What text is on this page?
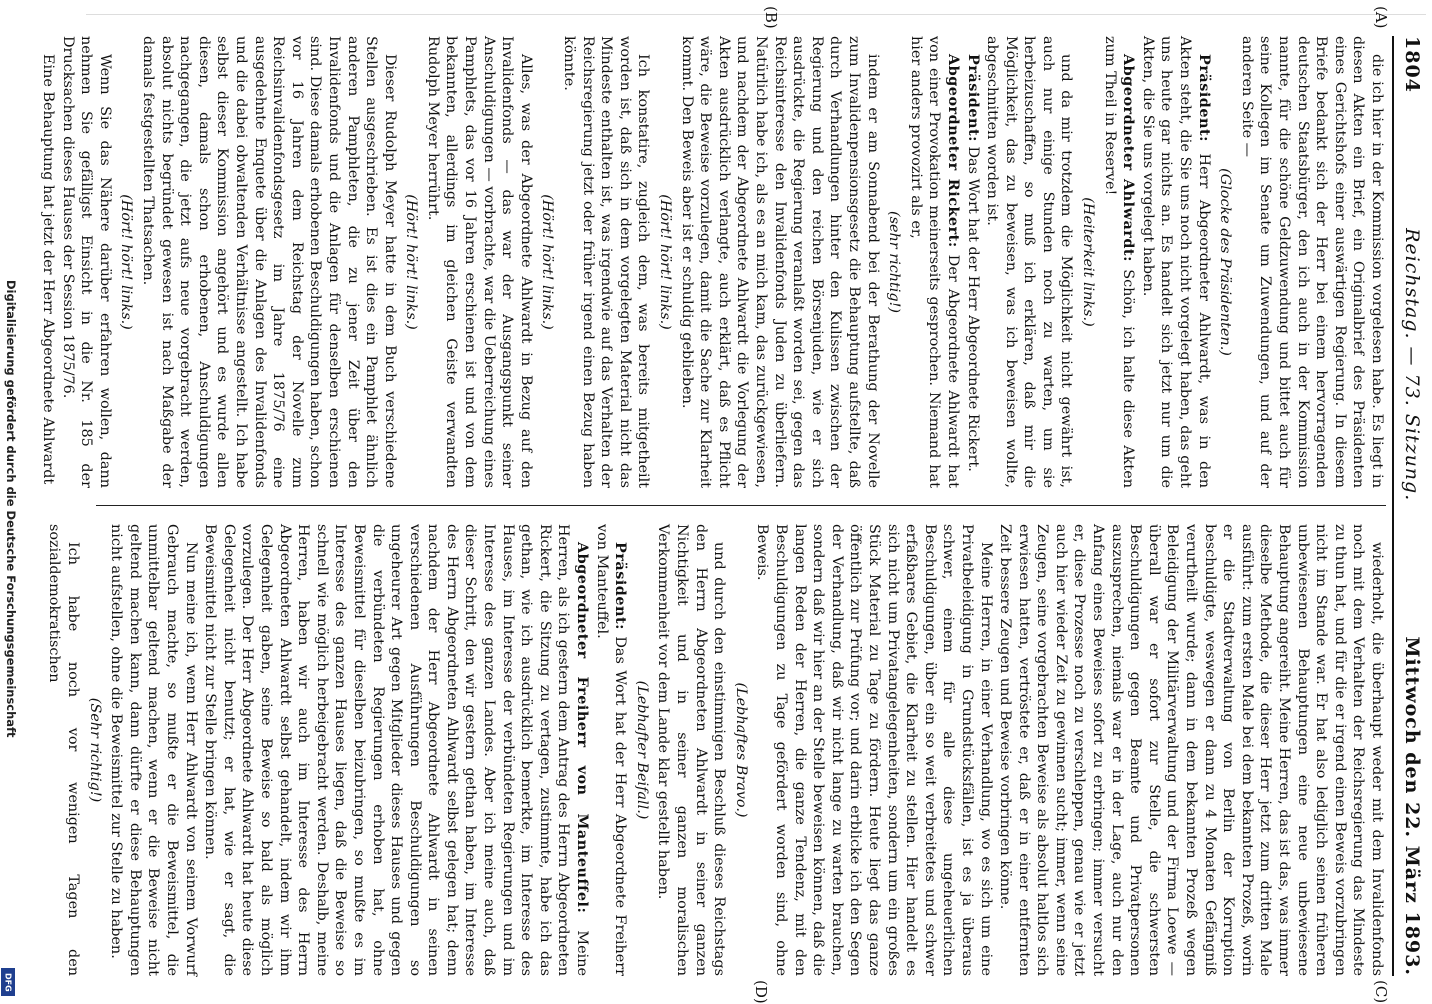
1804
Reichstag. — 73. Sitzung.
Mittwoch den 22. März 1893.

die ich hier in der Kommission vorgelesen habe. Es liegt in diesen Akten ein Brief, ein Originalbrief des Präsidenten eines Gerichtshofs einer auswärtigen Regierung. In diesem Briefe bedankt sich der Herr bei einem hervorragenden deutschen Staatsbürger, den ich auch in der Kommission nannte, für die schöne Geldzuwendung und bittet auch für seine Kollegen im Senate um Zuwendungen, und auf der anderen Seite —

(Glocke des Präsidenten.)

Präsident: Herr Abgeordneter Ahlwardt, was in den Akten steht, die Sie uns noch nicht vorgelegt haben, das geht uns heute gar nichts an. Es handelt sich jetzt nur um die Akten, die Sie uns vorgelegt haben.

Abgeordneter Ahlwardt: Schön, ich halte diese Akten zum Theil in Reserve!

(Heiterkeit links.)

und da mir trotzdem die Möglichkeit nicht gewährt ist, auch nur einige Stunden noch zu warten, um sie herbeizuschaffen, so muß ich erklären, daß mir die Möglichkeit, das zu beweisen, was ich beweisen wollte, abgeschnitten worden ist.

Präsident: Das Wort hat der Herr Abgeordnete Rickert.

Abgeordneter Rickert: Der Abgeordnete Ahlwardt hat von einer Provokation meinerseits gesprochen. Niemand hat hier anders provozirt als er,

(sehr richtig!)

indem er am Sonnabend bei der Berathung der Novelle zum Invalidenpensionsgesetz die Behauptung aufstellte, daß durch Verhandlungen hinter den Kulissen zwischen der Regierung und den reichen Börsenjuden, wie er sich ausdrückte, die Regierung veranlaßt worden sei, gegen das Reichsinteresse den Invalidenfonds Juden zu überliefern. Natürlich habe ich, als es an mich kam, das zurückgewiesen, und nachdem der Abgeordnete Ahlwardt die Vorlegung der Akten ausdrücklich verlangte, auch erklärt, daß es Pflicht wäre, die Beweise vorzulegen, damit die Sache zur Klarheit kommt. Den Beweis aber ist er schuldig geblieben.

(Hört! hört! links.)

Ich konstatire, zugleich dem, was bereits mitgetheilt worden ist, daß sich in dem vorgelegten Material nicht das Mindeste enthalten ist, was irgendwie auf das Verhalten der Reichsregierung jetzt oder früher irgend einen Bezug haben könnte.

(Hört! hört! links.)

Alles, was der Abgeordnete Ahlwardt in Bezug auf den Invalidenfonds — das war der Ausgangspunkt seiner Anschuldigungen — vorbrachte, war die Ueberreichung eines Pamphlets, das vor 16 Jahren erschienen ist und von dem bekannten, allerdings im gleichen Geiste verwandten Rudolph Meyer herrührt.

(Hört! hört! links.)

Dieser Rudolph Meyer hatte in dem Buch verschiedene Stellen ausgeschrieben. Es ist dies ein Pamphlet ähnlich anderen Pamphleten, die zu jener Zeit über den Invalidenfonds und die Anlagen für denselben erschienen sind. Diese damals erhobenen Beschuldigungen haben, schon vor 16 Jahren dem Reichstag der Novelle zum Reichsinvalidenfondsgesetz im Jahre 1875/76 eine ausgedehnte Enquete über die Anlagen des Invalidenfonds und die dabei obwaltenden Verhältnisse angestellt. Ich habe selbst dieser Kommission angehört und es wurde allen diesen, damals schon erhobenen, Anschuldigungen nachgegangen, die jetzt aufs neue vorgebracht werden, absolut nichts begründet gewesen ist nach Maßgabe der damals festgestellten Thatsachen.

(Hört! hört! links.)

Wenn Sie das Nähere darüber erfahren wollen, dann nehmen Sie gefälligst Einsicht in die Nr. 185 der Drucksachen dieses Hauses der Session 1875/76.

Eine Behauptung hat jetzt der Herr Abgeordnete Ahlwardt

wiederholt, die überhaupt weder mit dem Invalidenfonds noch mit dem Verhalten der Reichsregierung das Mindeste zu thun hat, und für die er irgend einen Beweis vorzubringen nicht im Stande war. Er hat also lediglich seinen früheren unbewiesenen Behauptungen eine neue unbewiesene Behauptung angereiht. Meine Herren, das ist das, was immer dieselbe Methode, die dieser Herr jetzt zum dritten Male ausführt: zum ersten Male bei dem bekannten Prozeß, worin er die Stadtverwaltung von Berlin der Korruption beschuldigte, weswegen er dann zu 4 Monaten Gefängniß verurtheilt wurde; dann in dem bekannten Prozeß wegen Beleidigung der Militärverwaltung und der Firma Loewe — überall war er sofort zur Stelle, die schwersten Beschuldigungen gegen Beamte und Privatpersonen auszusprechen, niemals war er in der Lage, auch nur den Anfang eines Beweises sofort zu erbringen; immer versucht er, diese Prozesse noch zu verschleppen, genau wie er jetzt auch hier wieder Zeit zu gewinnen sucht; immer, wenn seine Zeugen, seine vorgebrachten Beweise als absolut haltlos sich erwiesen hatten, vertröstete er, daß er in einer entfernten Zeit bessere Zeugen und Beweise vorbringen könne.

Meine Herren, in einer Verhandlung, wo es sich um eine Privatbeleidigung in Grundstücksfällen, ist es ja überaus schwer, einem für alle diese ungeheuerlichen Beschuldigungen, über ein so weit verbreitetes und schwer erfaßbares Gebiet, die Klarheit zu stellen. Hier handelt es sich nicht um Privatangelegenheiten, sondern um ein großes Stück Material zu Tage zu fördern. Heute liegt das ganze öffentlich zur Prüfung vor; und darin erblicke ich den Segen der Verhandlung, daß wir nicht lange zu warten brauchen, sondern daß wir hier an der Stelle beweisen können, daß die langen Reden der Herren, die ganze Tendenz, mit den Beschuldigungen zu Tage gefördert worden sind, ohne Beweis.

(Lebhaftes Bravo.)

und durch den einstimmigen Beschluß dieses Reichstags den Herrn Abgeordneten Ahlwardt in seiner ganzen Nichtigkeit und in seiner ganzen moralischen Verkommenheit vor dem Lande klar gestellt haben.

(Lebhafter Beifall.)

Präsident: Das Wort hat der Herr Abgeordnete Freiherr von Manteuffel.

Abgeordneter Freiherr von Manteuffel: Meine Herren, als ich gestern dem Antrag des Herrn Abgeordneten Rickert, die Sitzung zu vertagen, zustimmte, habe ich das gethan, wie ich ausdrücklich bemerkte, im Interesse des Hauses, im Interesse der verbündeten Regierungen und im Interesse des ganzen Landes. Aber ich meine auch, daß dieser Schritt, den wir gestern gethan haben, im Interesse des Herrn Abgeordneten Ahlwardt selbst gelegen hat; denn nachdem der Herr Abgeordnete Ahlwardt in seinen verschiedenen Ausführungen Beschuldigungen so ungeheurer Art gegen Mitglieder dieses Hauses und gegen die verbündeten Regierungen erhoben hat, ohne Beweismittel für dieselben beizubringen, so mußte es im Interesse des ganzen Hauses liegen, daß die Beweise so schnell wie möglich herbeigebracht werden. Deshalb, meine Herren, haben wir auch im Interesse des Herrn Abgeordneten Ahlwardt selbst gehandelt, indem wir ihm Gelegenheit gaben, seine Beweise so bald als möglich vorzulegen. Der Herr Abgeordnete Ahlwardt hat heute diese Gelegenheit nicht benutzt; er hat, wie er sagt, die Beweismittel nicht zur Stelle bringen können.

Nun meine ich, wenn Herr Ahlwardt von seinem Vorwurf Gebrauch machte, so mußte er die Beweismittel, die unmittelbar geltend machen, wenn er die Beweise nicht geltend machen kann, dann dürfte er diese Behauptungen nicht aufstellen, ohne die Beweismittel zur Stelle zu haben.

(Sehr richtig!)

Ich habe noch vor wenigen Tagen den sozialdemokratischen

(A)
(B)
(C)
(D)
Digitalisierung gefördert durch die Deutsche Forschungsgemeinschaft
DFG
